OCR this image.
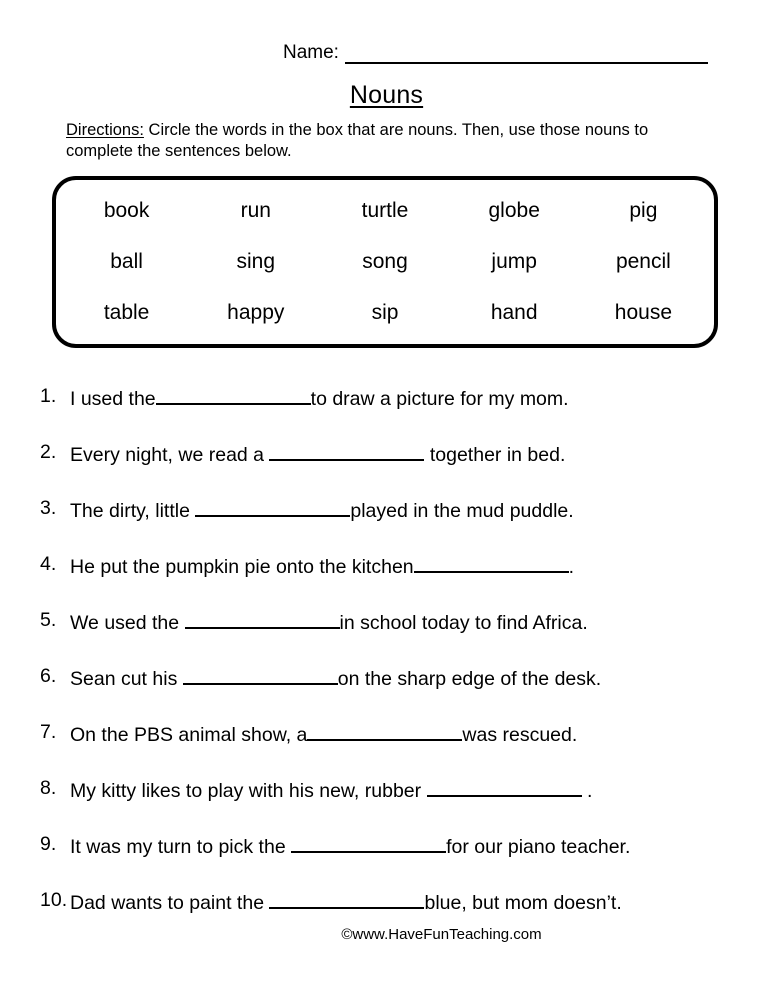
Name:
Nouns
Directions: Circle the words in the box that are nouns. Then, use those nouns to complete the sentences below.
book	run	turtle	globe	pig
ball	sing	song	jump	pencil
table	happy	sip	hand	house
1. I used the	to draw a picture for my mom.
2. Every night, we read a	together in bed.
3. The dirty, little	played in the mud puddle.
4. He put the pumpkin pie onto the kitchen	.
5. We used the	in school today to find Africa.
6. Sean cut his	on the sharp edge of the desk.
7. On the PBS animal show, a	was rescued.
8. My kitty likes to play with his new, rubber	.
9. It was my turn to pick the	for our piano teacher.
10. Dad wants to paint the	blue, but mom doesn’t.
©www.HaveFunTeaching.com
